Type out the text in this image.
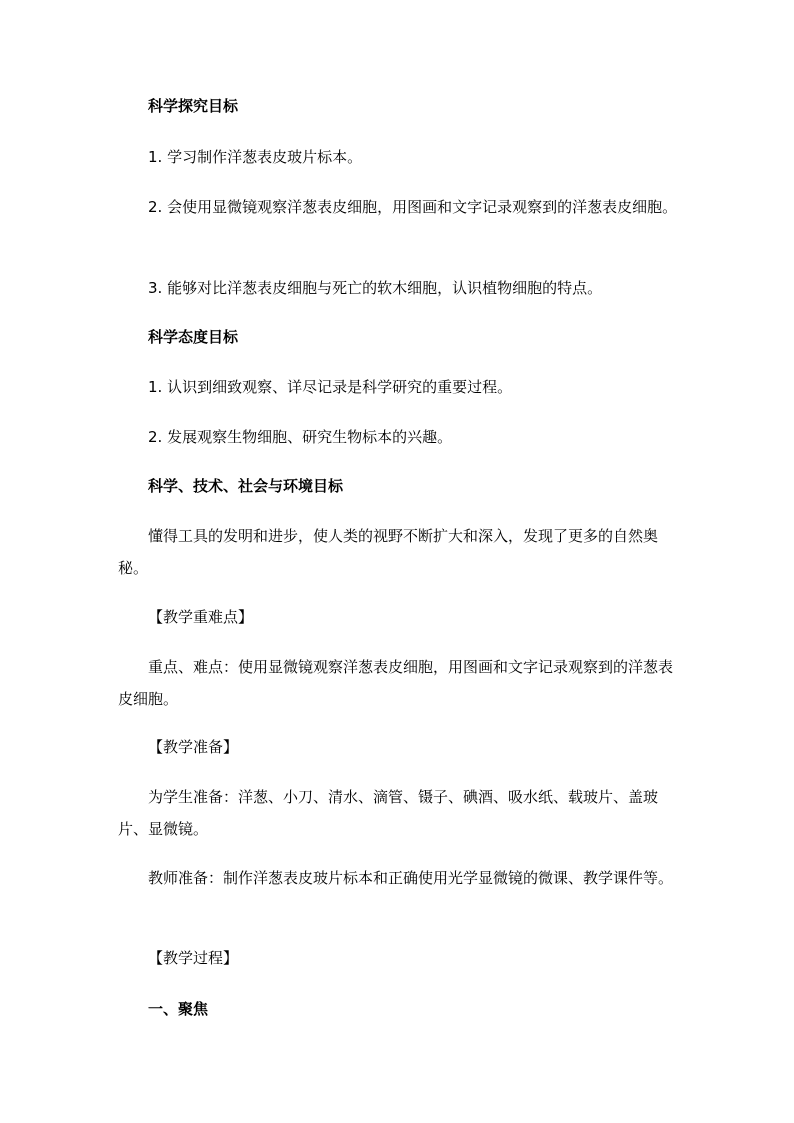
科学探究目标
1. 学习制作洋葱表皮玻片标本。
2. 会使用显微镜观察洋葱表皮细胞，用图画和文字记录观察到的洋葱表皮细胞。
3. 能够对比洋葱表皮细胞与死亡的软木细胞，认识植物细胞的特点。
科学态度目标
1. 认识到细致观察、详尽记录是科学研究的重要过程。
2. 发展观察生物细胞、研究生物标本的兴趣。
科学、技术、社会与环境目标
懂得工具的发明和进步，使人类的视野不断扩大和深入，发现了更多的自然奥秘。
【教学重难点】
重点、难点：使用显微镜观察洋葱表皮细胞，用图画和文字记录观察到的洋葱表皮细胞。
【教学准备】
为学生准备：洋葱、小刀、清水、滴管、镊子、碘酒、吸水纸、载玻片、盖玻片、显微镜。
教师准备：制作洋葱表皮玻片标本和正确使用光学显微镜的微课、教学课件等。
【教学过程】
一、聚焦
